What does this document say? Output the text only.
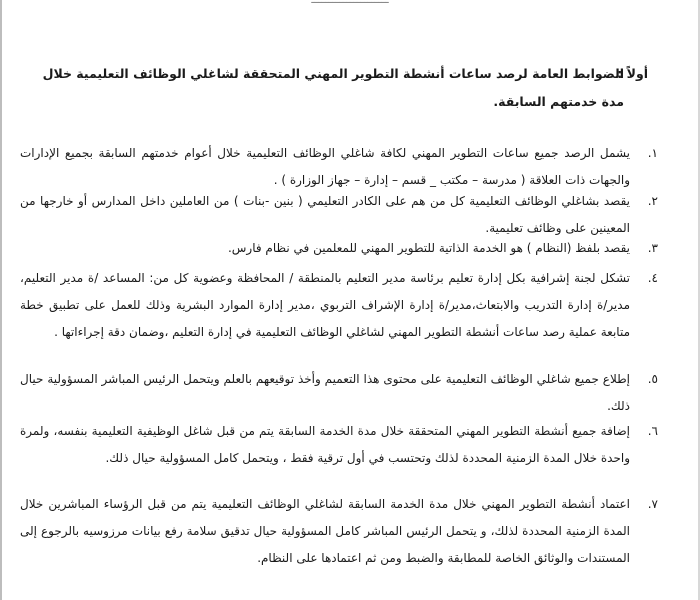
أولاً :
الضوابط العامة لرصد ساعات أنشطة التطوير المهني المتحققة لشاغلي الوظائف التعليمية خلال مدة خدمتهم السابقة.
.١
يشمل الرصد جميع ساعات التطوير المهني لكافة شاغلي الوظائف التعليمية خلال أعوام خدمتهم السابقة بجميع الإدارات والجهات ذات العلاقة ( مدرسة – مكتب _ قسم – إدارة – جهاز الوزارة ) .
.٢
يقصد بشاغلي الوظائف التعليمية كل من هم على الكادر التعليمي ( بنين -بنات ) من العاملين داخل المدارس أو خارجها من المعينين على وظائف تعليمية.
.٣
يقصد بلفظ (النظام ) هو الخدمة الذاتية للتطوير المهني للمعلمين في نظام فارس.
.٤
تشكل لجنة إشرافية بكل إدارة تعليم برئاسة مدير التعليم بالمنطقة / المحافظة وعضوية كل من: المساعد /ة مدير التعليم، مدير/ة إدارة التدريب والابتعاث،مدير/ة إدارة الإشراف التربوي ،مدير إدارة الموارد البشرية وذلك للعمل على تطبيق خطة متابعة عملية رصد ساعات أنشطة التطوير المهني لشاغلي الوظائف التعليمية في إدارة التعليم ،وضمان دقة إجراءاتها .
.٥
إطلاع جميع شاغلي الوظائف التعليمية على محتوى هذا التعميم وأخذ توقيعهم بالعلم ويتحمل الرئيس المباشر المسؤولية حيال ذلك.
.٦
إضافة جميع أنشطة التطوير المهني المتحققة خلال مدة الخدمة السابقة يتم من قبل شاغل الوظيفية التعليمية بنفسه، ولمرة واحدة خلال المدة الزمنية المحددة لذلك وتحتسب في أول ترقية فقط ، ويتحمل كامل المسؤولية حيال ذلك.
.٧
اعتماد أنشطة التطوير المهني خلال مدة الخدمة السابقة لشاغلي الوظائف التعليمية يتم من قبل الرؤساء المباشرين خلال المدة الزمنية المحددة لذلك، و يتحمل الرئيس المباشر كامل المسؤولية حيال تدقيق سلامة رفع بيانات مرزوسيه بالرجوع إلى المستندات والوثائق الخاصة للمطابقة والضبط ومن ثم اعتمادها على النظام.
